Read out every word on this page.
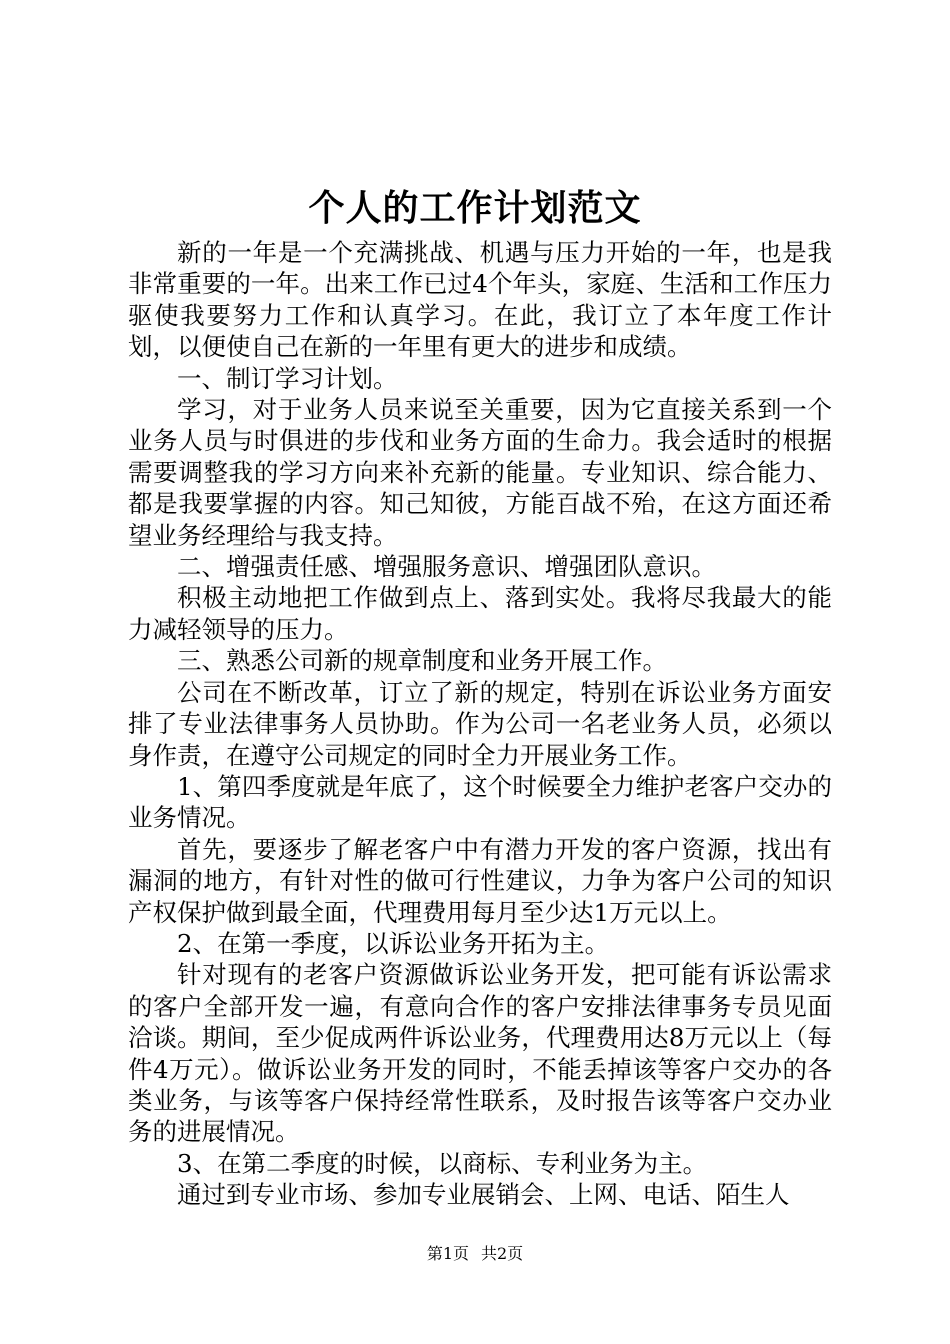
个人的工作计划范文

新的一年是一个充满挑战、机遇与压力开始的一年，也是我非常重要的一年。出来工作已过4个年头，家庭、生活和工作压力驱使我要努力工作和认真学习。在此，我订立了本年度工作计划，以便使自己在新的一年里有更大的进步和成绩。

一、制订学习计划。

学习，对于业务人员来说至关重要，因为它直接关系到一个业务人员与时俱进的步伐和业务方面的生命力。我会适时的根据需要调整我的学习方向来补充新的能量。专业知识、综合能力、都是我要掌握的内容。知己知彼，方能百战不殆，在这方面还希望业务经理给与我支持。

二、增强责任感、增强服务意识、增强团队意识。

积极主动地把工作做到点上、落到实处。我将尽我最大的能力减轻领导的压力。

三、熟悉公司新的规章制度和业务开展工作。

公司在不断改革，订立了新的规定，特别在诉讼业务方面安排了专业法律事务人员协助。作为公司一名老业务人员，必须以身作责，在遵守公司规定的同时全力开展业务工作。

1、第四季度就是年底了，这个时候要全力维护老客户交办的业务情况。

首先，要逐步了解老客户中有潜力开发的客户资源，找出有漏洞的地方，有针对性的做可行性建议，力争为客户公司的知识产权保护做到最全面，代理费用每月至少达1万元以上。

2、在第一季度，以诉讼业务开拓为主。

针对现有的老客户资源做诉讼业务开发，把可能有诉讼需求的客户全部开发一遍，有意向合作的客户安排法律事务专员见面洽谈。期间，至少促成两件诉讼业务，代理费用达8万元以上（每件4万元）。做诉讼业务开发的同时，不能丢掉该等客户交办的各类业务，与该等客户保持经常性联系，及时报告该等客户交办业务的进展情况。

3、在第二季度的时候，以商标、专利业务为主。

通过到专业市场、参加专业展销会、上网、电话、陌生人

第1页 共2页
